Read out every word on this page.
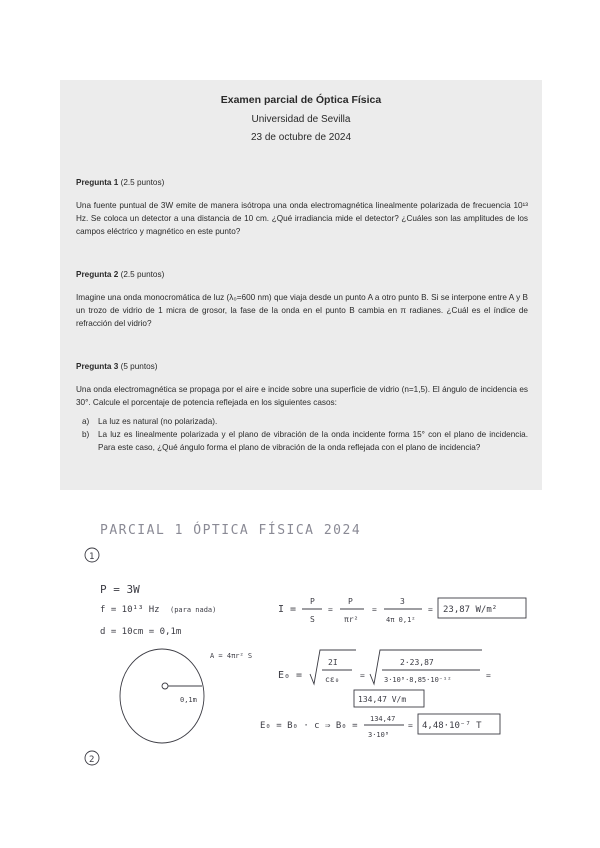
Examen parcial de Óptica Física
Universidad de Sevilla
23 de octubre de 2024
Pregunta 1 (2.5 puntos)

Una fuente puntual de 3W emite de manera isótropa una onda electromagnética linealmente polarizada de frecuencia 10¹³ Hz. Se coloca un detector a una distancia de 10 cm. ¿Qué irradiancia mide el detector? ¿Cuáles son las amplitudes de los campos eléctrico y magnético en este punto?

Pregunta 2 (2.5 puntos)

Imagine una onda monocromática de luz (λ₀=600 nm) que viaja desde un punto A a otro punto B. Si se interpone entre A y B un trozo de vidrio de 1 micra de grosor, la fase de la onda en el punto B cambia en π radianes. ¿Cuál es el índice de refracción del vidrio?

Pregunta 3 (5 puntos)

Una onda electromagnética se propaga por el aire e incide sobre una superficie de vidrio (n=1,5). El ángulo de incidencia es 30°. Calcule el porcentaje de potencia reflejada en los siguientes casos:

a) La luz es natural (no polarizada).
b) La luz es linealmente polarizada y el plano de vibración de la onda incidente forma 15° con el plano de incidencia. Para este caso, ¿Qué ángulo forma el plano de vibración de la onda reflejada con el plano de incidencia?
PARCIAL 1 ÓPTICA FÍSICA 2024
1
P = 3W
f = 10¹³ Hz (para nada)
d = 10cm = 0,1m
A = 4πr² S
0,1m
I =
P
S
=
P
πr²
=
3
4π 0,1²
= 23,87 W/m²
E₀ =
2I
cε₀	=
2·23,87
3·10⁸·8,85·10⁻¹²	=
134,47 V/m
E₀ = B₀ · c ⇒ B₀ =
134,47
3·10⁸
= 4,48·10⁻⁷ T
2
